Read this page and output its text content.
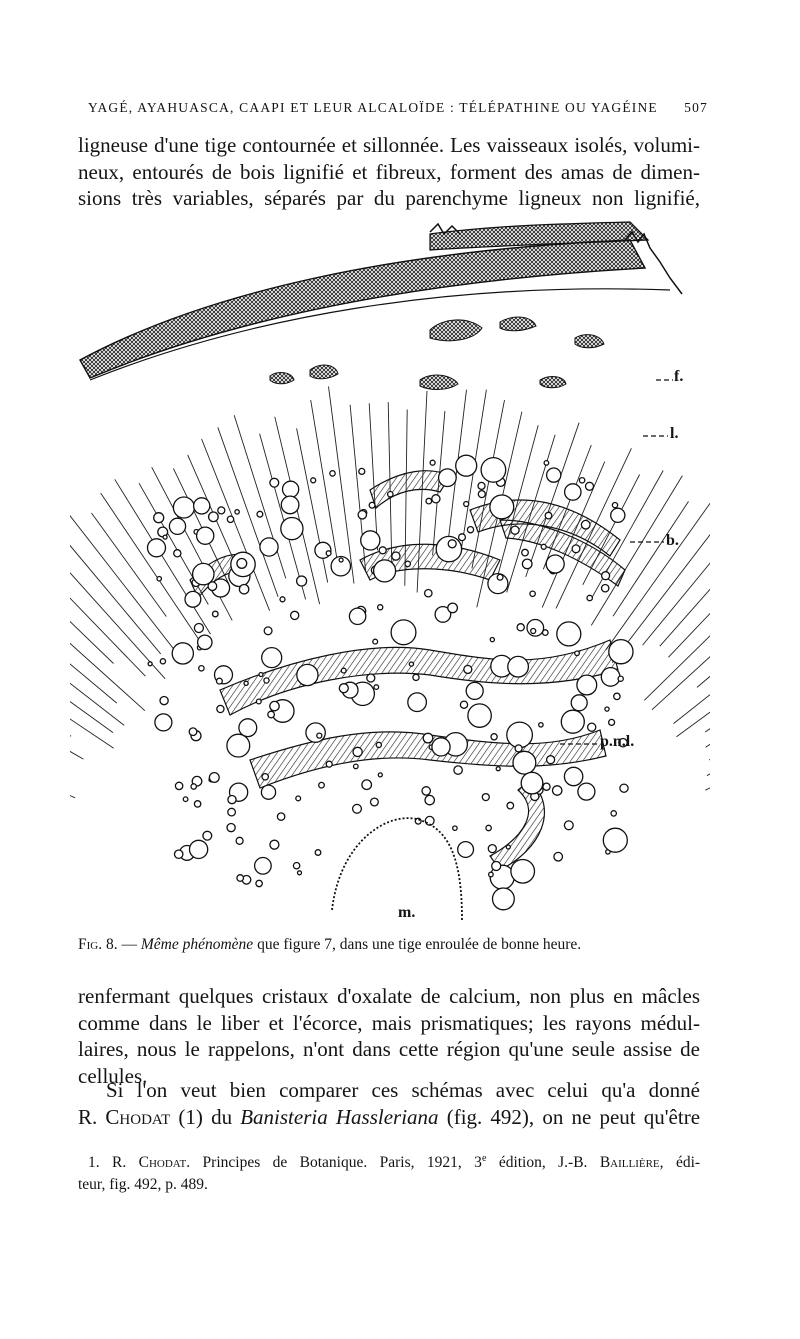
YAGÉ, AYAHUASCA, CAAPI ET LEUR ALCALOÏDE : TÉLÉPATHINE OU YAGÉINE 507
ligneuse d'une tige contournée et sillonnée. Les vaisseaux isolés, volumi-
neux, entourés de bois lignifié et fibreux, forment des amas de dimen-
sions très variables, séparés par du parenchyme ligneux non lignifié,
f.
l.
b.
p.n.l.
m.
Fig. 8. — Même phénomène que figure 7, dans une tige enroulée de bonne heure.
renfermant quelques cristaux d'oxalate de calcium, non plus en mâcles
comme dans le liber et l'écorce, mais prismatiques; les rayons médul-
laires, nous le rappelons, n'ont dans cette région qu'une seule assise de
cellules.
Si l'on veut bien comparer ces schémas avec celui qu'a donné
R. Chodat (1) du Banisteria Hassleriana (fig. 492), on ne peut qu'être
1. R. Chodat. Principes de Botanique. Paris, 1921, 3e édition, J.-B. Baillière, édi-
teur, fig. 492, p. 489.
